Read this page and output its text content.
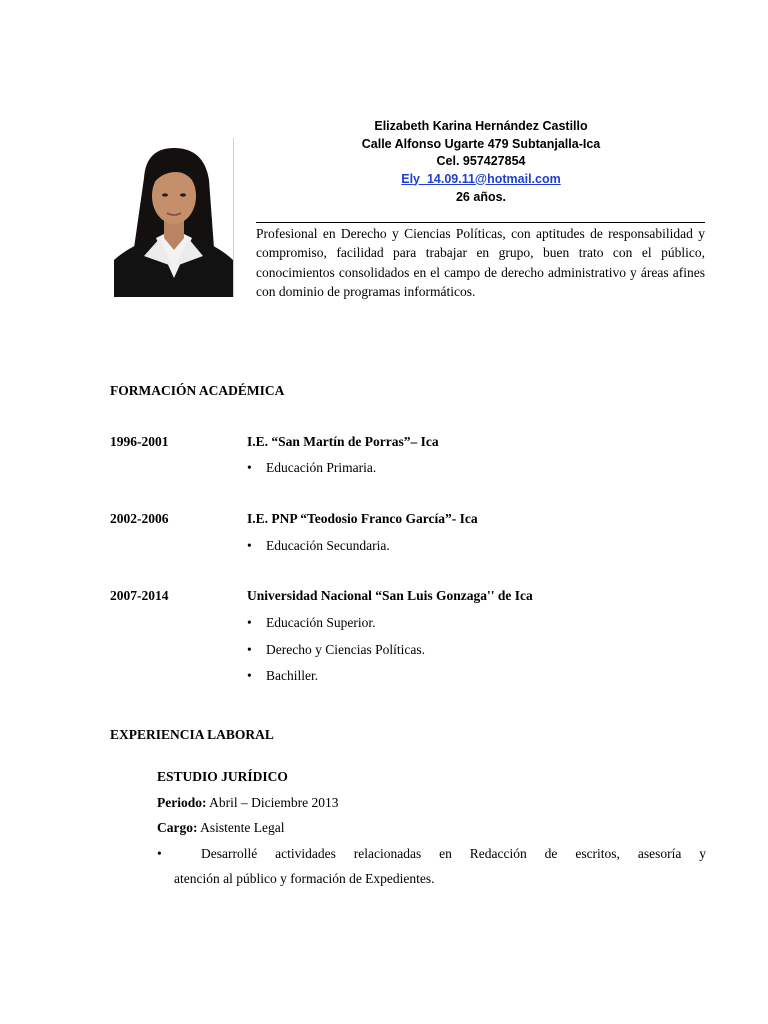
Elizabeth Karina Hernández Castillo
Calle Alfonso Ugarte 479 Subtanjalla-Ica
Cel. 957427854
Ely_14.09.11@hotmail.com
26 años.
Profesional en Derecho y Ciencias Políticas, con aptitudes de responsabilidad y compromiso, facilidad para trabajar en grupo, buen trato con el público, conocimientos consolidados en el campo de derecho administrativo y áreas afines con dominio de programas informáticos.
FORMACIÓN ACADÉMICA
1996-2001	I.E. “San Martín de Porras”– Ica
• Educación Primaria.
2002-2006	I.E. PNP “Teodosio Franco García”- Ica
• Educación Secundaria.
2007-2014	Universidad Nacional “San Luis Gonzaga'' de Ica
• Educación Superior.
• Derecho y Ciencias Políticas.
• Bachiller.
EXPERIENCIA LABORAL
ESTUDIO JURÍDICO
Periodo: Abril – Diciembre 2013
Cargo: Asistente Legal
•	Desarrollé actividades relacionadas en Redacción de escritos, asesoría y
atención al público y formación de Expedientes.
